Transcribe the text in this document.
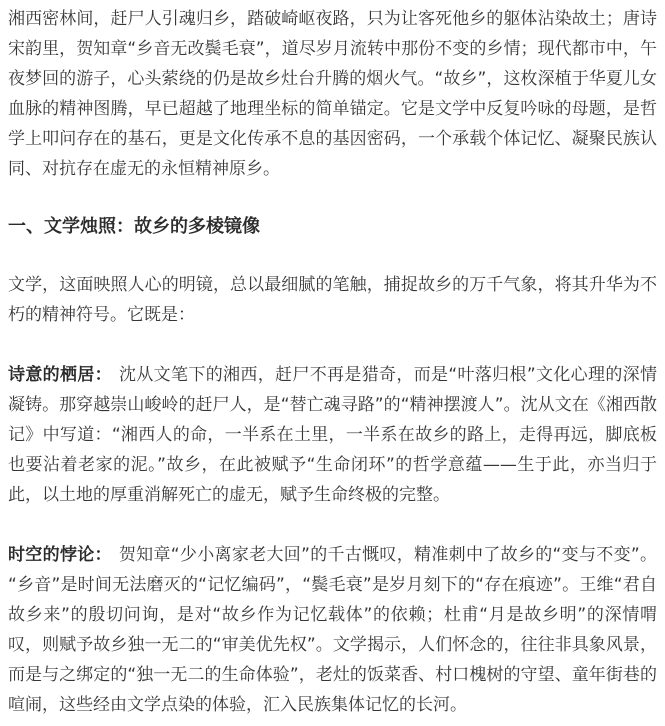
湘西密林间，赶尸人引魂归乡，踏破崎岖夜路，只为让客死他乡的躯体沾染故土；唐诗宋韵里，贺知章“乡音无改鬓毛衰”，道尽岁月流转中那份不变的乡情；现代都市中，午夜梦回的游子，心头萦绕的仍是故乡灶台升腾的烟火气。“故乡”，这枚深植于华夏儿女血脉的精神图腾，早已超越了地理坐标的简单锚定。它是文学中反复吟咏的母题，是哲学上叩问存在的基石，更是文化传承不息的基因密码，一个承载个体记忆、凝聚民族认同、对抗存在虚无的永恒精神原乡。

一、文学烛照：故乡的多棱镜像

文学，这面映照人心的明镜，总以最细腻的笔触，捕捉故乡的万千气象，将其升华为不朽的精神符号。它既是：

诗意的栖居： 沈从文笔下的湘西，赶尸不再是猎奇，而是“叶落归根”文化心理的深情凝铸。那穿越崇山峻岭的赶尸人，是“替亡魂寻路”的“精神摆渡人”。沈从文在《湘西散记》中写道：“湘西人的命，一半系在土里，一半系在故乡的路上，走得再远，脚底板也要沾着老家的泥。”故乡，在此被赋予“生命闭环”的哲学意蕴——生于此，亦当归于此，以土地的厚重消解死亡的虚无，赋予生命终极的完整。

时空的悖论： 贺知章“少小离家老大回”的千古慨叹，精准刺中了故乡的“变与不变”。“乡音”是时间无法磨灭的“记忆编码”，“鬓毛衰”是岁月刻下的“存在痕迹”。王维“君自故乡来”的殷切问询，是对“故乡作为记忆载体”的依赖；杜甫“月是故乡明”的深情喟叹，则赋予故乡独一无二的“审美优先权”。文学揭示，人们怀念的，往往非具象风景，而是与之绑定的“独一无二的生命体验”，老灶的饭菜香、村口槐树的守望、童年街巷的喧闹，这些经由文学点染的体验，汇入民族集体记忆的长河。
